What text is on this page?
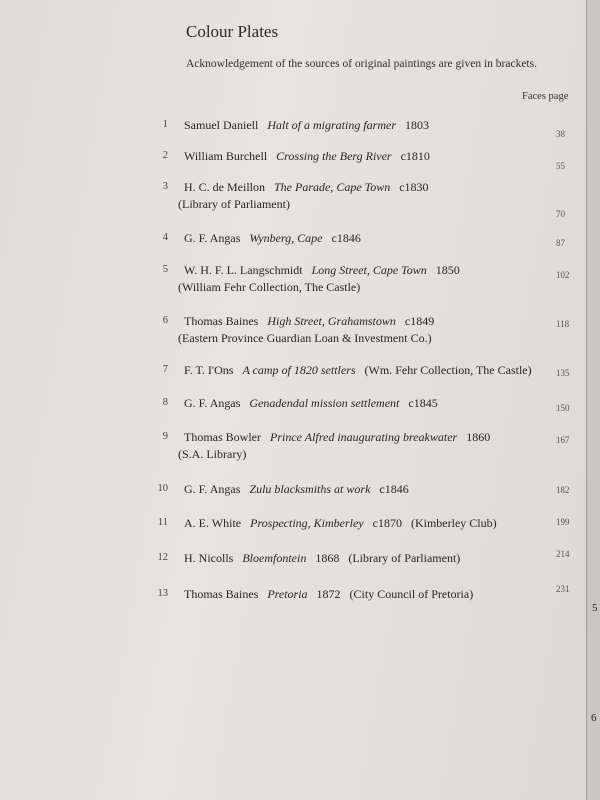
Colour Plates

Acknowledgement of the sources of original paintings are given in brackets.

Faces page
1 Samuel Daniell Halt of a migrating farmer 1803
38
2 William Burchell Crossing the Berg River c1810
55
3 H. C. de Meillon The Parade, Cape Town c1830
(Library of Parliament)
70
4 G. F. Angas Wynberg, Cape c1846	87
5 W. H. F. L. Langschmidt Long Street, Cape Town 1850
(William Fehr Collection, The Castle)
102
6 Thomas Baines High Street, Grahamstown c1849
(Eastern Province Guardian Loan & Investment Co.)
118
7 F. T. I'Ons A camp of 1820 settlers (Wm. Fehr Collection, The Castle)	135
8 G. F. Angas Genadendal mission settlement c1845	150
9 Thomas Bowler Prince Alfred inaugurating breakwater 1860
(S.A. Library)
167
10 G. F. Angas Zulu blacksmiths at work c1846	182
11 A. E. White Prospecting, Kimberley c1870 (Kimberley Club)	199
12 H. Nicolls Bloemfontein 1868 (Library of Parliament)	214
13 Thomas Baines Pretoria 1872 (City Council of Pretoria)	231
5
6
